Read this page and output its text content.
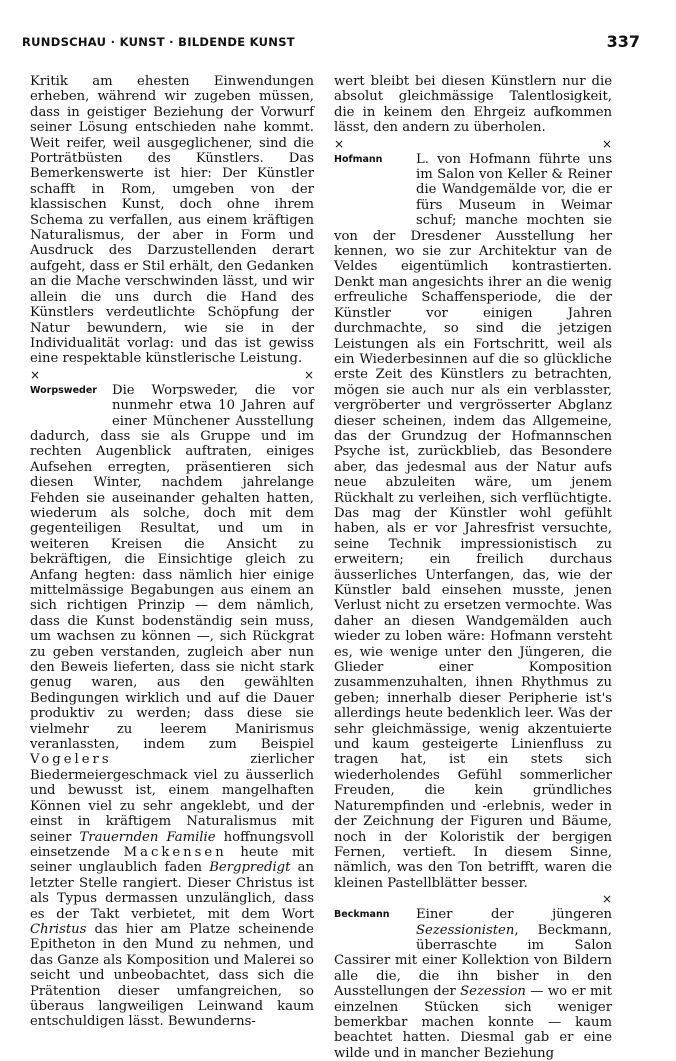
RUNDSCHAU · KUNST · BILDENDE KUNST	337

Kritik am ehesten Einwendungen erheben, während wir zugeben müssen, dass in geistiger Beziehung der Vorwurf seiner Lösung entschieden nahe kommt. Weit reifer, weil ausgeglichener, sind die Porträtbüsten des Künstlers. Das Bemerkenswerte ist hier: Der Künstler schafft in Rom, umgeben von der klassischen Kunst, doch ohne ihrem Schema zu verfallen, aus einem kräftigen Naturalismus, der aber in Form und Ausdruck des Darzustellenden derart aufgeht, dass er Stil erhält, den Gedanken an die Mache verschwinden lässt, und wir allein die uns durch die Hand des Künstlers verdeutlichte Schöpfung der Natur bewundern, wie sie in der Individualität vorlag: und das ist gewiss eine respektable künstlerische Leistung.

×	×
Worpsweder	Die Worpsweder, die vor nunmehr etwa 10 Jahren auf einer Münchener Ausstellung dadurch, dass sie als Gruppe und im rechten Augenblick auftraten, einiges Aufsehen erregten, präsentieren sich diesen Winter, nachdem jahrelange Fehden sie auseinander gehalten hatten, wiederum als solche, doch mit dem gegenteiligen Resultat, und um in weiteren Kreisen die Ansicht zu bekräftigen, die Einsichtige gleich zu Anfang hegten: dass nämlich hier einige mittelmässige Begabungen aus einem an sich richtigen Prinzip — dem nämlich, dass die Kunst bodenständig sein muss, um wachsen zu können —, sich Rückgrat zu geben verstanden, zugleich aber nun den Beweis lieferten, dass sie nicht stark genug waren, aus den gewählten Bedingungen wirklich und auf die Dauer produktiv zu werden; dass diese sie vielmehr zu leerem Manirismus veranlassten, indem zum Beispiel Vogelers zierlicher Biedermeiergeschmack viel zu äusserlich und bewusst ist, einem mangelhaften Können viel zu sehr angeklebt, und der einst in kräftigem Naturalismus mit seiner Trauernden Familie hoffnungsvoll einsetzende Mackensen heute mit seiner unglaublich faden Bergpredigt an letzter Stelle rangiert. Dieser Christus ist als Typus dermassen unzulänglich, dass es der Takt verbietet, mit dem Wort Christus das hier am Platze scheinende Epitheton in den Mund zu nehmen, und das Ganze als Komposition und Malerei so seicht und unbeobachtet, dass sich die Prätention dieser umfangreichen, so überaus langweiligen Leinwand kaum entschuldigen lässt. Bewunderns-

wert bleibt bei diesen Künstlern nur die absolut gleichmässige Talentlosigkeit, die in keinem den Ehrgeiz aufkommen lässt, den andern zu überholen.

×	×
Hofmann	L. von Hofmann führte uns im Salon von Keller & Reiner die Wandgemälde vor, die er fürs Museum in Weimar schuf; manche mochten sie von der Dresdener Ausstellung her kennen, wo sie zur Architektur van de Veldes eigentümlich kontrastierten. Denkt man angesichts ihrer an die wenig erfreuliche Schaffensperiode, die der Künstler vor einigen Jahren durchmachte, so sind die jetzigen Leistungen als ein Fortschritt, weil als ein Wiederbesinnen auf die so glückliche erste Zeit des Künstlers zu betrachten, mögen sie auch nur als ein verblasster, vergröberter und vergrösserter Abglanz dieser scheinen, indem das Allgemeine, das der Grundzug der Hofmannschen Psyche ist, zurückblieb, das Besondere aber, das jedesmal aus der Natur aufs neue abzuleiten wäre, um jenem Rückhalt zu verleihen, sich verflüchtigte. Das mag der Künstler wohl gefühlt haben, als er vor Jahresfrist versuchte, seine Technik impressionistisch zu erweitern; ein freilich durchaus äusserliches Unterfangen, das, wie der Künstler bald einsehen musste, jenen Verlust nicht zu ersetzen vermochte. Was daher an diesen Wandgemälden auch wieder zu loben wäre: Hofmann versteht es, wie wenige unter den Jüngeren, die Glieder einer Komposition zusammenzuhalten, ihnen Rhythmus zu geben; innerhalb dieser Peripherie ist's allerdings heute bedenklich leer. Was der sehr gleichmässige, wenig akzentuierte und kaum gesteigerte Linienfluss zu tragen hat, ist ein stets sich wiederholendes Gefühl sommerlicher Freuden, die kein gründliches Naturempfinden und -erlebnis, weder in der Zeichnung der Figuren und Bäume, noch in der Koloristik der bergigen Fernen, vertieft. In diesem Sinne, nämlich, was den Ton betrifft, waren die kleinen Pastellblätter besser.

×
Beckmann	Einer der jüngeren Sezessionisten, Beckmann, überraschte im Salon Cassirer mit einer Kollektion von Bildern alle die, die ihn bisher in den Ausstellungen der Sezession — wo er mit einzelnen Stücken sich weniger bemerkbar machen konnte — kaum beachtet hatten. Diesmal gab er eine wilde und in mancher Beziehung
